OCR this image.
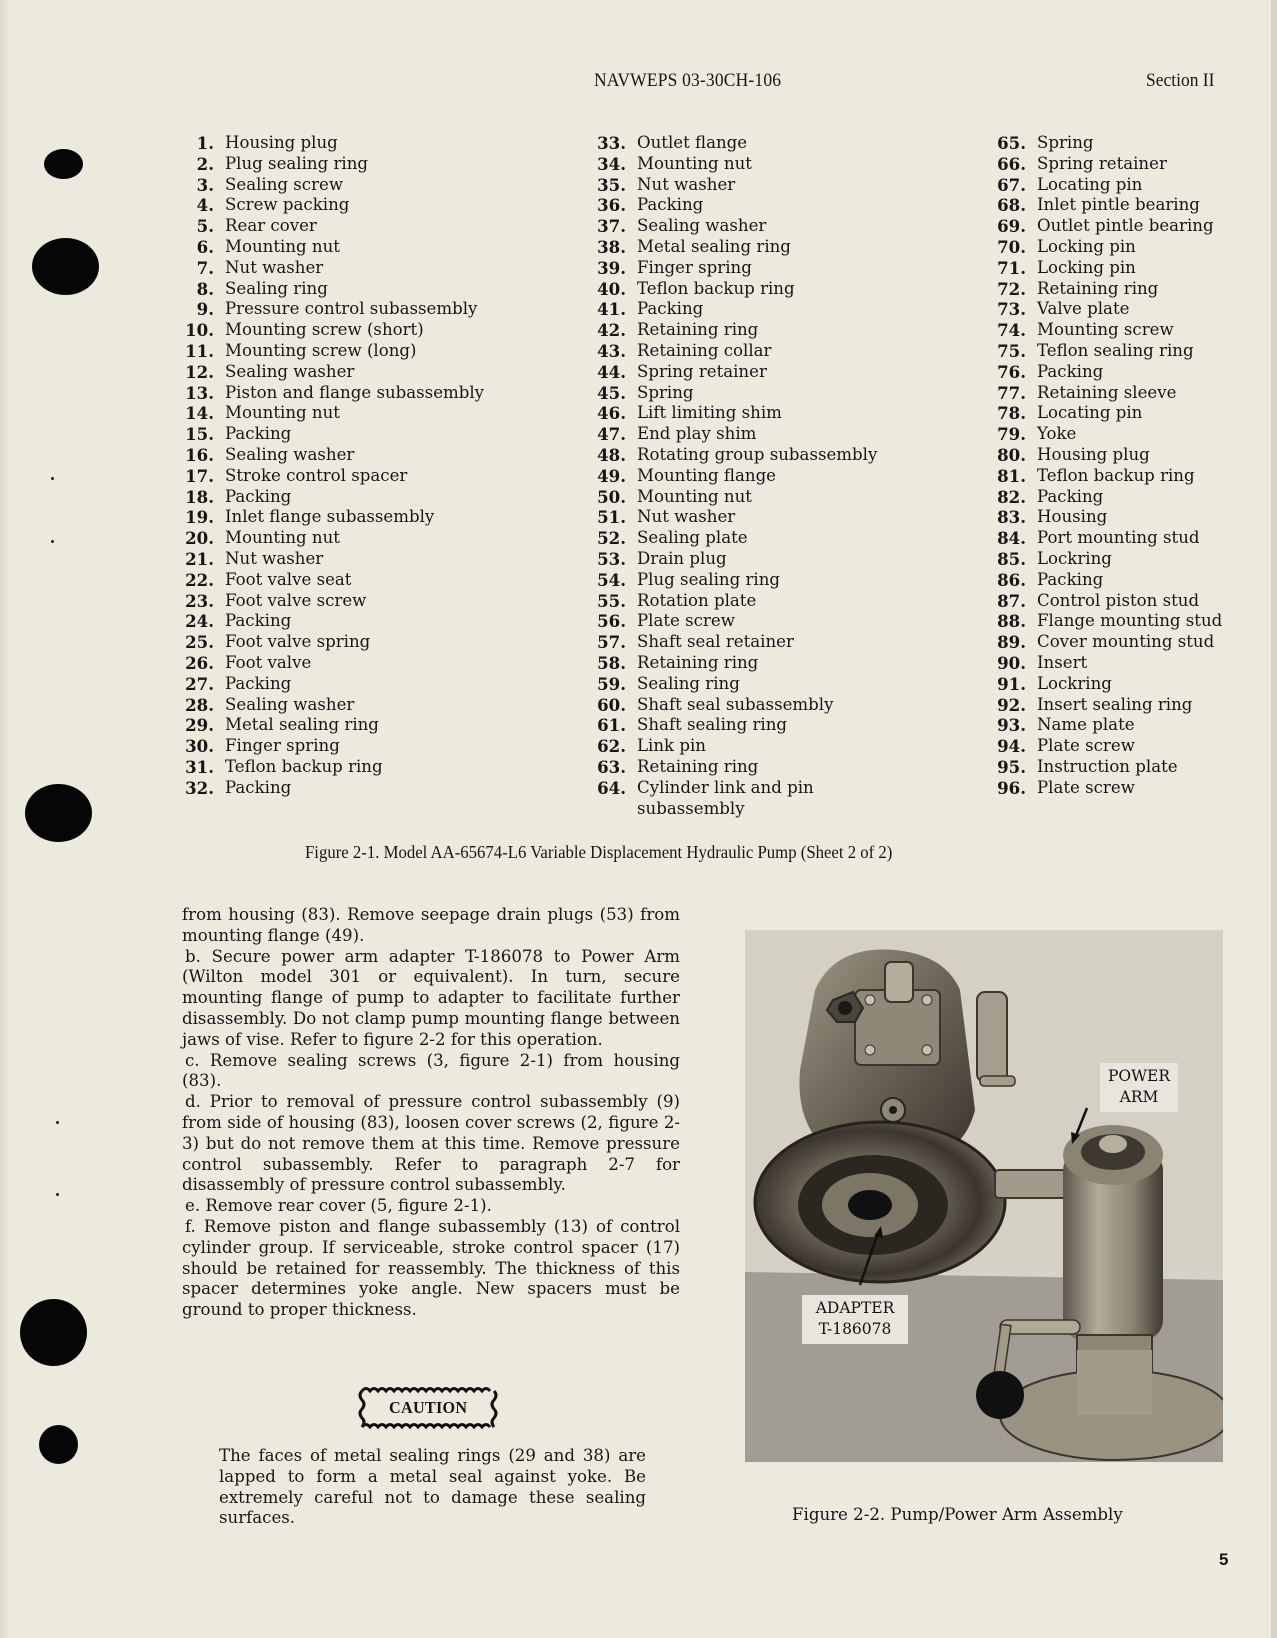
NAVWEPS 03-30CH-106	Section II
1. Housing plug
2. Plug sealing ring
3. Sealing screw
4. Screw packing
5. Rear cover
6. Mounting nut
7. Nut washer
8. Sealing ring
9. Pressure control subassembly
10. Mounting screw (short)
11. Mounting screw (long)
12. Sealing washer
13. Piston and flange subassembly
14. Mounting nut
15. Packing
16. Sealing washer
17. Stroke control spacer
18. Packing
19. Inlet flange subassembly
20. Mounting nut
21. Nut washer
22. Foot valve seat
23. Foot valve screw
24. Packing
25. Foot valve spring
26. Foot valve
27. Packing
28. Sealing washer
29. Metal sealing ring
30. Finger spring
31. Teflon backup ring
32. Packing
33. Outlet flange
34. Mounting nut
35. Nut washer
36. Packing
37. Sealing washer
38. Metal sealing ring
39. Finger spring
40. Teflon backup ring
41. Packing
42. Retaining ring
43. Retaining collar
44. Spring retainer
45. Spring
46. Lift limiting shim
47. End play shim
48. Rotating group subassembly
49. Mounting flange
50. Mounting nut
51. Nut washer
52. Sealing plate
53. Drain plug
54. Plug sealing ring
55. Rotation plate
56. Plate screw
57. Shaft seal retainer
58. Retaining ring
59. Sealing ring
60. Shaft seal subassembly
61. Shaft sealing ring
62. Link pin
63. Retaining ring
64. Cylinder link and pin
subassembly
65. Spring
66. Spring retainer
67. Locating pin
68. Inlet pintle bearing
69. Outlet pintle bearing
70. Locking pin
71. Locking pin
72. Retaining ring
73. Valve plate
74. Mounting screw
75. Teflon sealing ring
76. Packing
77. Retaining sleeve
78. Locating pin
79. Yoke
80. Housing plug
81. Teflon backup ring
82. Packing
83. Housing
84. Port mounting stud
85. Lockring
86. Packing
87. Control piston stud
88. Flange mounting stud
89. Cover mounting stud
90. Insert
91. Lockring
92. Insert sealing ring
93. Name plate
94. Plate screw
95. Instruction plate
96. Plate screw
Figure 2-1. Model AA-65674-L6 Variable Displacement Hydraulic Pump (Sheet 2 of 2)

from housing (83). Remove seepage drain plugs (53) from mounting flange (49).

b. Secure power arm adapter T-186078 to Power Arm (Wilton model 301 or equivalent). In turn, secure mounting flange of pump to adapter to facilitate further disassembly. Do not clamp pump mounting flange between jaws of vise. Refer to figure 2-2 for this operation.

c. Remove sealing screws (3, figure 2-1) from housing (83).

d. Prior to removal of pressure control subassembly (9) from side of housing (83), loosen cover screws (2, figure 2-3) but do not remove them at this time. Remove pressure control subassembly. Refer to paragraph 2-7 for disassembly of pressure control subassembly.

e. Remove rear cover (5, figure 2-1).

f. Remove piston and flange subassembly (13) of control cylinder group. If serviceable, stroke control spacer (17) should be retained for reassembly. The thickness of this spacer determines yoke angle. New spacers must be ground to proper thickness.

CAUTION
The faces of metal sealing rings (29 and 38) are lapped to form a metal seal against yoke. Be extremely careful not to damage these sealing surfaces.
POWER ARM
ADAPTER
T-186078
Figure 2-2. Pump/Power Arm Assembly
5
